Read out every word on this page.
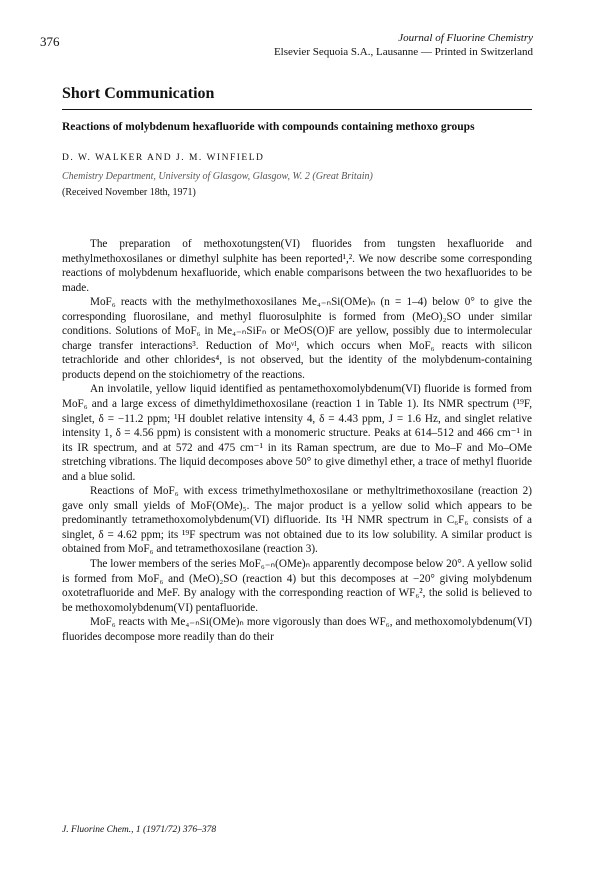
376	Journal of Fluorine Chemistry
Elsevier Sequoia S.A., Lausanne — Printed in Switzerland
Short Communication
Reactions of molybdenum hexafluoride with compounds containing methoxo groups
D. W. WALKER AND J. M. WINFIELD
Chemistry Department, University of Glasgow, Glasgow, W. 2 (Great Britain)
(Received November 18th, 1971)

The preparation of methoxotungsten(VI) fluorides from tungsten hexafluoride and methylmethoxosilanes or dimethyl sulphite has been reported¹,². We now describe some corresponding reactions of molybdenum hexafluoride, which enable comparisons between the two hexafluorides to be made.

MoF₆ reacts with the methylmethoxosilanes Me₄₋ₙSi(OMe)ₙ (n = 1–4) below 0° to give the corresponding fluorosilane, and methyl fluorosulphite is formed from (MeO)₂SO under similar conditions. Solutions of MoF₆ in Me₄₋ₙSiFₙ or MeOS(O)F are yellow, possibly due to intermolecular charge transfer interactions³. Reduction of Moᵛᴵ, which occurs when MoF₆ reacts with silicon tetrachloride and other chlorides⁴, is not observed, but the identity of the molybdenum-containing products depend on the stoichiometry of the reactions.

An involatile, yellow liquid identified as pentamethoxomolybdenum(VI) fluoride is formed from MoF₆ and a large excess of dimethyldimethoxosilane (reaction 1 in Table 1). Its NMR spectrum (¹⁹F, singlet, δ = −11.2 ppm; ¹H doublet relative intensity 4, δ = 4.43 ppm, J = 1.6 Hz, and singlet relative intensity 1, δ = 4.56 ppm) is consistent with a monomeric structure. Peaks at 614–512 and 466 cm⁻¹ in its IR spectrum, and at 572 and 475 cm⁻¹ in its Raman spectrum, are due to Mo–F and Mo–OMe stretching vibrations. The liquid decomposes above 50° to give dimethyl ether, a trace of methyl fluoride and a blue solid.

Reactions of MoF₆ with excess trimethylmethoxosilane or methyltrimethoxosilane (reaction 2) gave only small yields of MoF(OMe)₅. The major product is a yellow solid which appears to be predominantly tetramethoxomolybdenum(VI) difluoride. Its ¹H NMR spectrum in C₆F₆ consists of a singlet, δ = 4.62 ppm; its ¹⁹F spectrum was not obtained due to its low solubility. A similar product is obtained from MoF₆ and tetramethoxosilane (reaction 3).

The lower members of the series MoF₆₋ₙ(OMe)ₙ apparently decompose below 20°. A yellow solid is formed from MoF₆ and (MeO)₂SO (reaction 4) but this decomposes at −20° giving molybdenum oxotetrafluoride and MeF. By analogy with the corresponding reaction of WF₆², the solid is believed to be methoxomolybdenum(VI) pentafluoride.

MoF₆ reacts with Me₄₋ₙSi(OMe)ₙ more vigorously than does WF₆, and methoxomolybdenum(VI) fluorides decompose more readily than do their

J. Fluorine Chem., 1 (1971/72) 376–378
